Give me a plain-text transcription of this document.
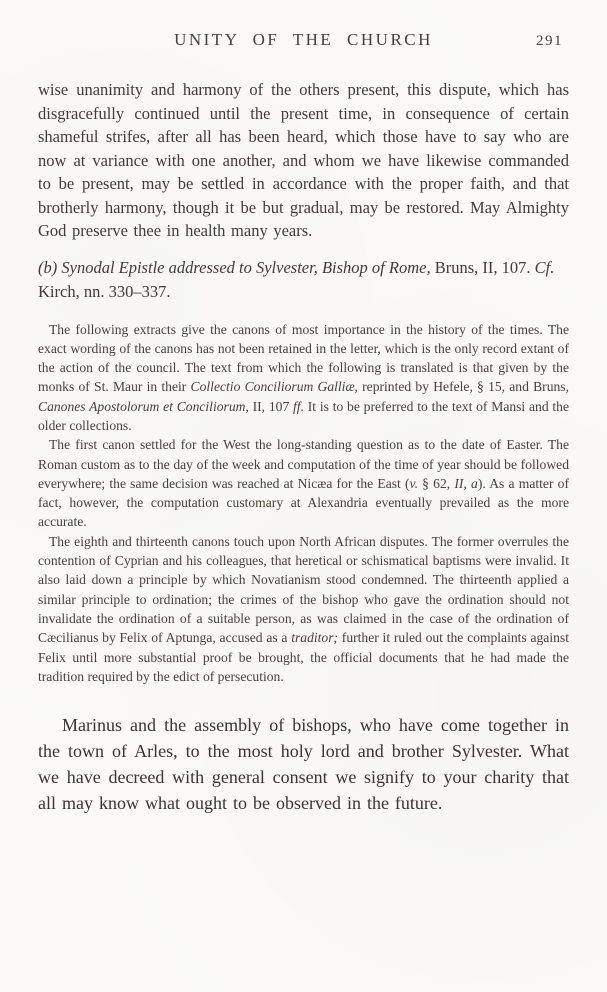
UNITY OF THE CHURCH	291

wise unanimity and harmony of the others present, this dispute, which has disgracefully continued until the present time, in consequence of certain shameful strifes, after all has been heard, which those have to say who are now at variance with one another, and whom we have likewise commanded to be present, may be settled in accordance with the proper faith, and that brotherly harmony, though it be but gradual, may be restored. May Almighty God preserve thee in health many years.

(b) Synodal Epistle addressed to Sylvester, Bishop of Rome, Bruns, II, 107. Cf. Kirch, nn. 330–337.

The following extracts give the canons of most importance in the history of the times. The exact wording of the canons has not been retained in the letter, which is the only record extant of the action of the council. The text from which the following is translated is that given by the monks of St. Maur in their Collectio Conciliorum Galliæ, reprinted by Hefele, § 15, and Bruns, Canones Apostolorum et Conciliorum, II, 107 ff. It is to be preferred to the text of Mansi and the older collections.

The first canon settled for the West the long-standing question as to the date of Easter. The Roman custom as to the day of the week and computation of the time of year should be followed everywhere; the same decision was reached at Nicæa for the East (v. § 62, II, a). As a matter of fact, however, the computation customary at Alexandria eventually prevailed as the more accurate.

The eighth and thirteenth canons touch upon North African disputes. The former overrules the contention of Cyprian and his colleagues, that heretical or schismatical baptisms were invalid. It also laid down a principle by which Novatianism stood condemned. The thirteenth applied a similar principle to ordination; the crimes of the bishop who gave the ordination should not invalidate the ordination of a suitable person, as was claimed in the case of the ordination of Cæcilianus by Felix of Aptunga, accused as a traditor; further it ruled out the complaints against Felix until more substantial proof be brought, the official documents that he had made the tradition required by the edict of persecution.

Marinus and the assembly of bishops, who have come together in the town of Arles, to the most holy lord and brother Sylvester. What we have decreed with general consent we signify to your charity that all may know what ought to be observed in the future.
